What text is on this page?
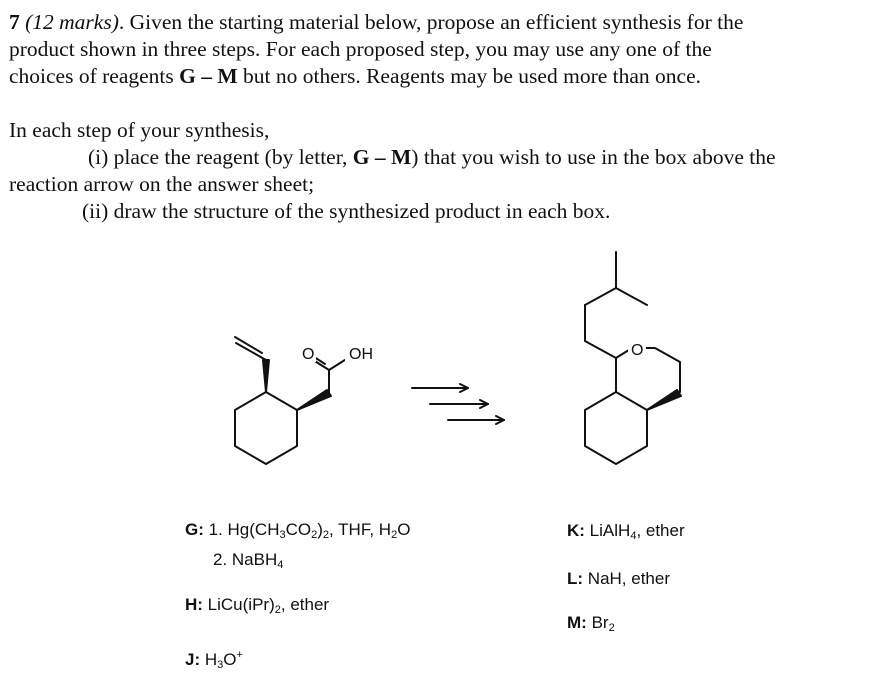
7 (12 marks). Given the starting material below, propose an efficient synthesis for the
product shown in three steps. For each proposed step, you may use any one of the
choices of reagents G – M but no others. Reagents may be used more than once.
In each step of your synthesis,
(i) place the reagent (by letter, G – M) that you wish to use in the box above the
reaction arrow on the answer sheet;
(ii) draw the structure of the synthesized product in each box.
O OH	O
G: 1. $Hg(CH_3CO_2)_2$, THF, $H_2O$
2. NaBH$_4$
H: $LiCu(iPr)_2$, ether
J: $H_3O^+$
K: LiAlH$_4$, ether
L: NaH, ether
M: $Br_2$
